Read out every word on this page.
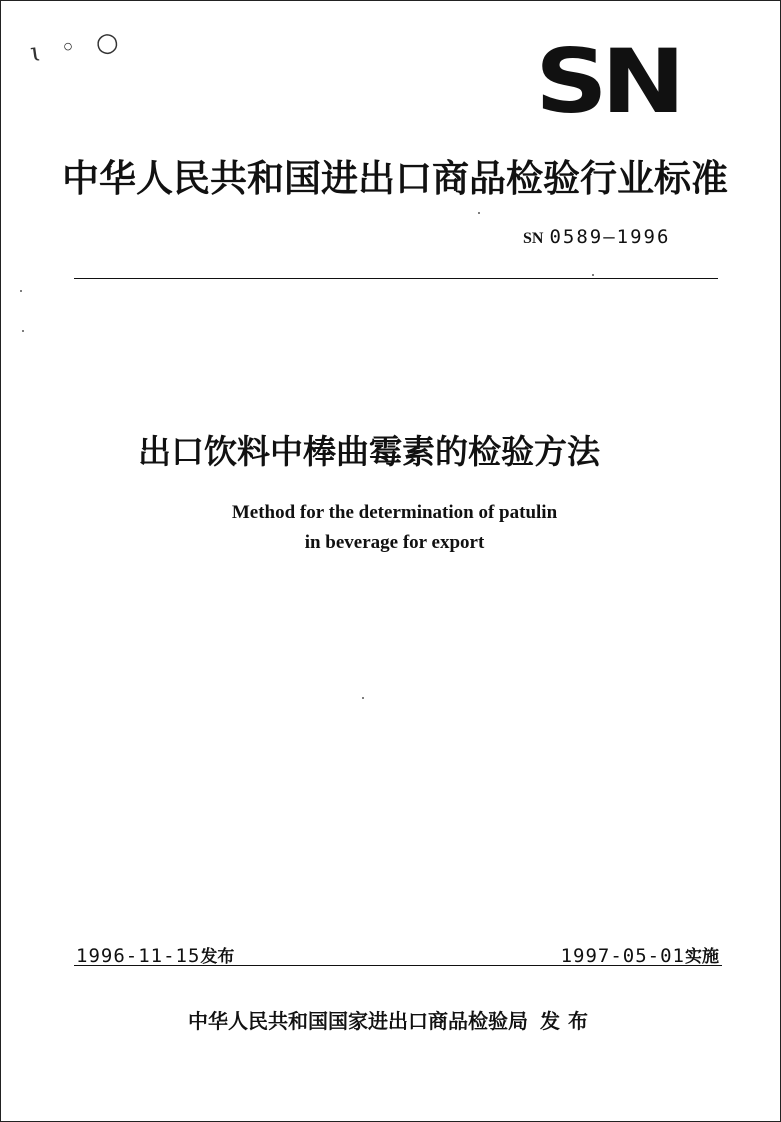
ɩ ◦ ○	SN
中华人民共和国进出口商品检验行业标准
SN 0589—1996
出口饮料中棒曲霉素的检验方法
Method for the determination of patulin
in beverage for export
1996-11-15发布	1997-05-01实施
中华人民共和国国家进出口商品检验局 发布
